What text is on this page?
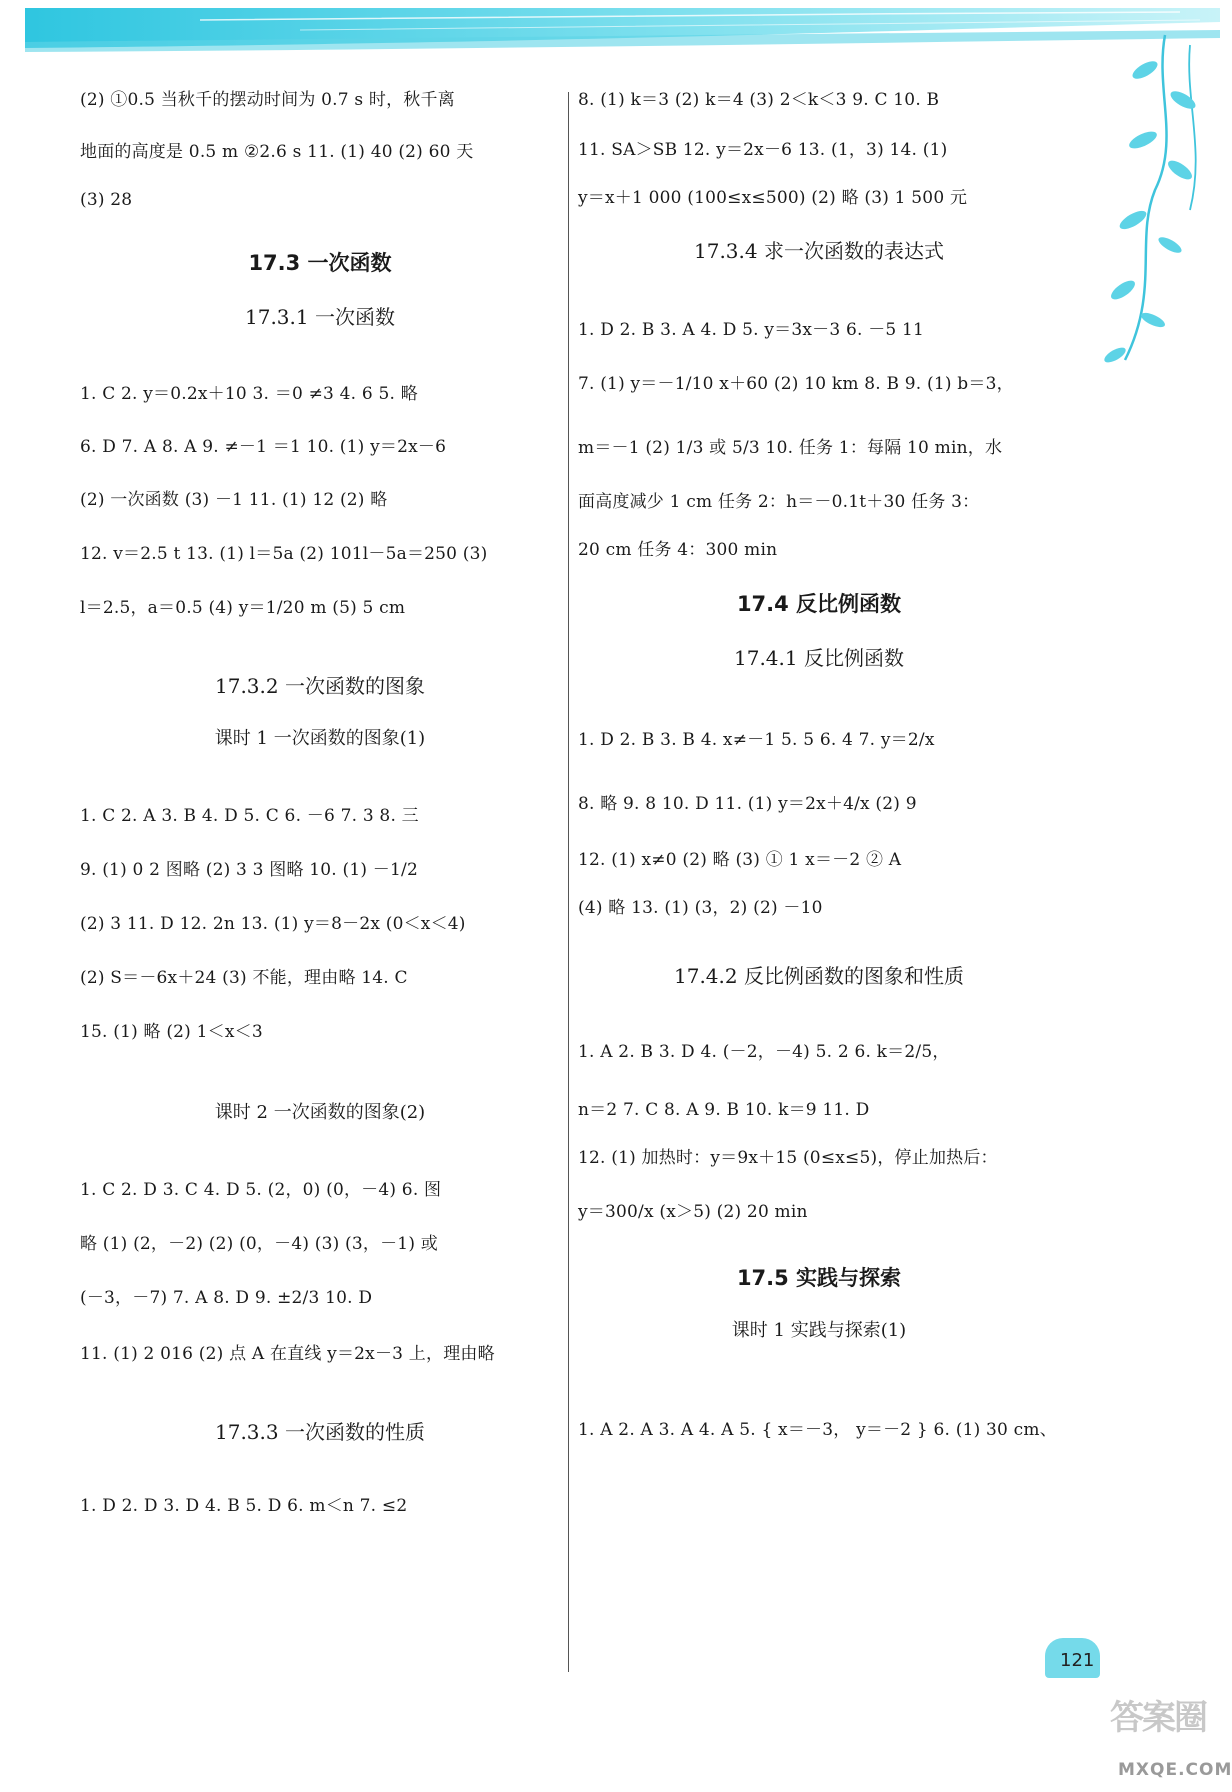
(2) ①0.5 当秋千的摆动时间为 0.7 s 时，秋千离
地面的高度是 0.5 m ②2.6 s 11. (1) 40 (2) 60 天
(3) 28
17.3 一次函数
17.3.1 一次函数
1. C 2. y＝0.2x＋10 3. ＝0 ≠3 4. 6 5. 略
6. D 7. A 8. A 9. ≠－1 ＝1 10. (1) y＝2x－6
(2) 一次函数 (3) －1 11. (1) 12 (2) 略
12. v＝2.5 t 13. (1) l＝5a (2) 101l－5a＝250 (3)
l＝2.5，a＝0.5 (4) y＝1/20 m (5) 5 cm
17.3.2 一次函数的图象
课时 1 一次函数的图象(1)
1. C 2. A 3. B 4. D 5. C 6. －6 7. 3 8. 三
9. (1) 0 2 图略 (2) 3 3 图略 10. (1) －1/2
(2) 3 11. D 12. 2n 13. (1) y＝8－2x (0＜x＜4)
(2) S＝－6x＋24 (3) 不能，理由略 14. C
15. (1) 略 (2) 1＜x＜3
课时 2 一次函数的图象(2)
1. C 2. D 3. C 4. D 5. (2，0) (0，－4) 6. 图
略 (1) (2，－2) (2) (0，－4) (3) (3，－1) 或
(－3，－7) 7. A 8. D 9. ±2/3 10. D
11. (1) 2 016 (2) 点 A 在直线 y＝2x－3 上，理由略
17.3.3 一次函数的性质
1. D 2. D 3. D 4. B 5. D 6. m＜n 7. ≤2
8. (1) k＝3 (2) k＝4 (3) 2＜k＜3 9. C 10. B
11. SA＞SB 12. y＝2x－6 13. (1，3) 14. (1)
y＝x＋1 000 (100≤x≤500) (2) 略 (3) 1 500 元
17.3.4 求一次函数的表达式
1. D 2. B 3. A 4. D 5. y＝3x－3 6. －5 11
7. (1) y＝－1/10 x＋60 (2) 10 km 8. B 9. (1) b＝3，
m＝－1 (2) 1/3 或 5/3 10. 任务 1：每隔 10 min，水
面高度减少 1 cm 任务 2：h＝－0.1t＋30 任务 3：
20 cm 任务 4：300 min
17.4 反比例函数
17.4.1 反比例函数
1. D 2. B 3. B 4. x≠－1 5. 5 6. 4 7. y＝2/x
8. 略 9. 8 10. D 11. (1) y＝2x＋4/x (2) 9
12. (1) x≠0 (2) 略 (3) ① 1 x＝－2 ② A
(4) 略 13. (1) (3，2) (2) －10
17.4.2 反比例函数的图象和性质
1. A 2. B 3. D 4. (－2，－4) 5. 2 6. k＝2/5，
n＝2 7. C 8. A 9. B 10. k＝9 11. D
12. (1) 加热时：y＝9x＋15 (0≤x≤5)，停止加热后：
y＝300/x (x＞5) (2) 20 min
17.5 实践与探索
课时 1 实践与探索(1)
1. A 2. A 3. A 4. A 5. { x＝－3， y＝－2 } 6. (1) 30 cm、
121
答案圈
MXQE.COM
